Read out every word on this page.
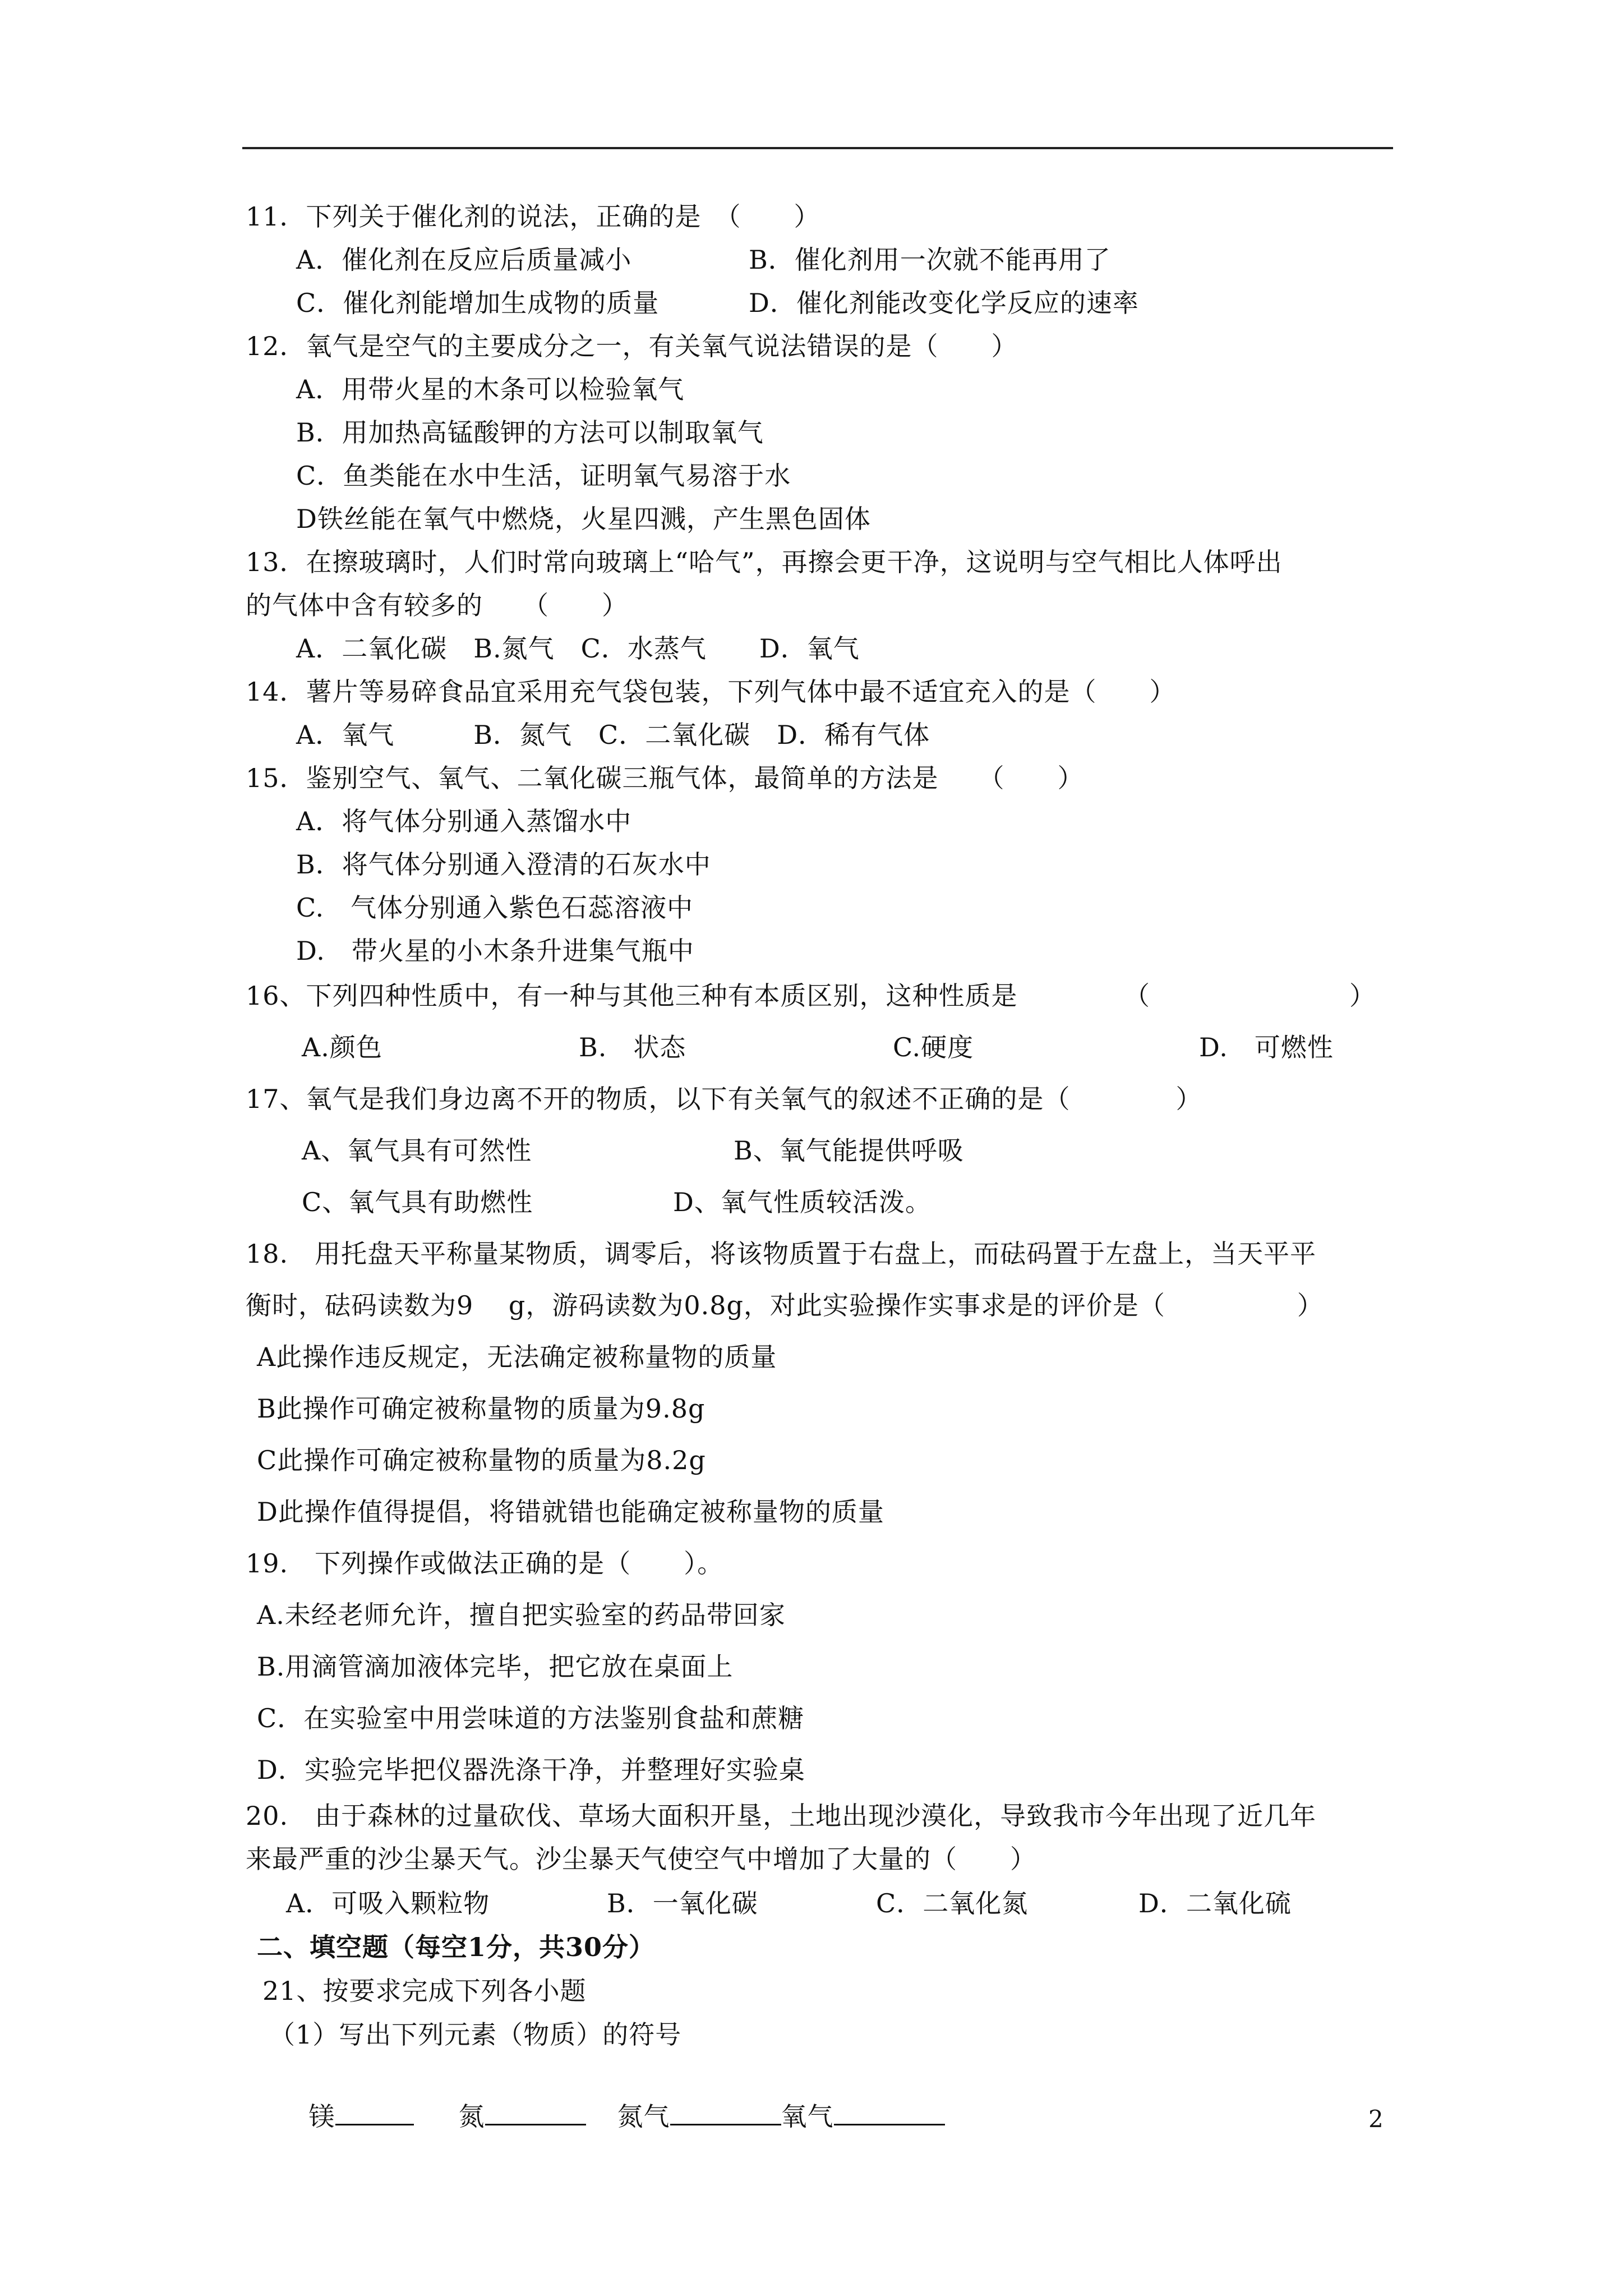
11．下列关于催化剂的说法，正确的是　（　　）
A．催化剂在反应后质量减小	B．催化剂用一次就不能再用了
C．催化剂能增加生成物的质量	D．催化剂能改变化学反应的速率
12．氧气是空气的主要成分之一，有关氧气说法错误的是（　　）
A．用带火星的木条可以检验氧气
B．用加热高锰酸钾的方法可以制取氧气
C．鱼类能在水中生活，证明氧气易溶于水
D铁丝能在氧气中燃烧，火星四溅，产生黑色固体
13．在擦玻璃时，人们时常向玻璃上“哈气”，再擦会更干净，这说明与空气相比人体呼出
的气体中含有较多的　　（　　）
A．二氧化碳　B.氮气　C．水蒸气　　D．氧气
14．薯片等易碎食品宜采用充气袋包装，下列气体中最不适宜充入的是（　　）
A．氧气　　　B．氮气　C．二氧化碳　D．稀有气体
15．鉴别空气、氧气、二氧化碳三瓶气体，最简单的方法是　　（　　）
A．将气体分别通入蒸馏水中
B．将气体分别通入澄清的石灰水中
C.　气体分别通入紫色石蕊溶液中
D.　带火星的小木条升进集气瓶中
16、下列四种性质中，有一种与其他三种有本质区别，这种性质是	（	）
A.颜色	B.　状态	C.硬度	D.　可燃性
17、氧气是我们身边离不开的物质，以下有关氧气的叙述不正确的是（　　　　）
A、氧气具有可然性	B、氧气能提供呼吸
C、氧气具有助燃性	D、氧气性质较活泼。
18.　用托盘天平称量某物质，调零后，将该物质置于右盘上，而砝码置于左盘上，当天平平
衡时，砝码读数为9　 g，游码读数为0.8g，对此实验操作实事求是的评价是（　　　　　）
A此操作违反规定，无法确定被称量物的质量
B此操作可确定被称量物的质量为9.8g
C此操作可确定被称量物的质量为8.2g
D此操作值得提倡，将错就错也能确定被称量物的质量
19.　下列操作或做法正确的是（　　）。
A.未经老师允许，擅自把实验室的药品带回家
B.用滴管滴加液体完毕，把它放在桌面上
C．在实验室中用尝味道的方法鉴别食盐和蔗糖
D．实验完毕把仪器洗涤干净，并整理好实验桌
20.　由于森林的过量砍伐、草场大面积开垦，土地出现沙漠化，导致我市今年出现了近几年
来最严重的沙尘暴天气。沙尘暴天气使空气中增加了大量的（　　）
A．可吸入颗粒物	B．一氧化碳	C．二氧化氮	D．二氧化硫
二、填空题（每空1分，共30分）
21、按要求完成下列各小题
（1）写出下列元素（物质）的符号

镁	氮	氮气	氧气
	2
